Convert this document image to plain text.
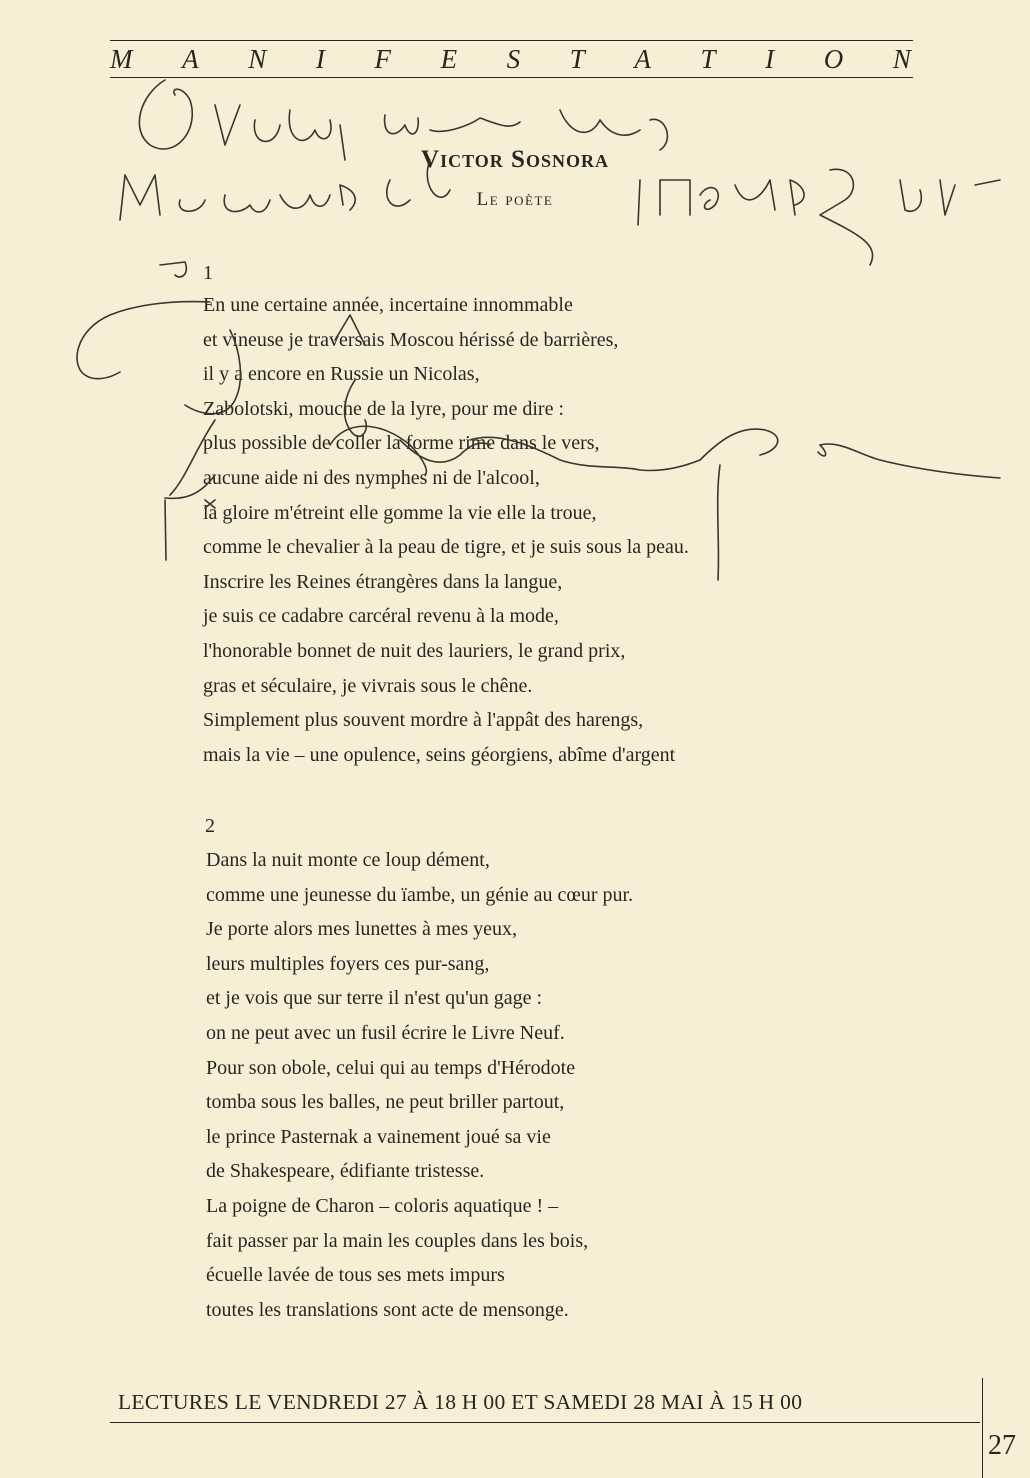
M A N I F E S T A T I O N
Victor Sosnora
Le poète
1
En une certaine année, incertaine innommable
et vineuse je traversais Moscou hérissé de barrières,
il y a encore en Russie un Nicolas,
Zabolotski, mouche de la lyre, pour me dire :
plus possible de coller la forme rime dans le vers,
aucune aide ni des nymphes ni de l'alcool,
la gloire m'étreint elle gomme la vie elle la troue,
comme le chevalier à la peau de tigre, et je suis sous la peau.
Inscrire les Reines étrangères dans la langue,
je suis ce cadabre carcéral revenu à la mode,
l'honorable bonnet de nuit des lauriers, le grand prix,
gras et séculaire, je vivrais sous le chêne.
Simplement plus souvent mordre à l'appât des harengs,
mais la vie – une opulence, seins géorgiens, abîme d'argent
2
Dans la nuit monte ce loup dément,
comme une jeunesse du ïambe, un génie au cœur pur.
Je porte alors mes lunettes à mes yeux,
leurs multiples foyers ces pur-sang,
et je vois que sur terre il n'est qu'un gage :
on ne peut avec un fusil écrire le Livre Neuf.
Pour son obole, celui qui au temps d'Hérodote
tomba sous les balles, ne peut briller partout,
le prince Pasternak a vainement joué sa vie
de Shakespeare, édifiante tristesse.
La poigne de Charon – coloris aquatique ! –
fait passer par la main les couples dans les bois,
écuelle lavée de tous ses mets impurs
toutes les translations sont acte de mensonge.
LECTURES LE VENDREDI 27 À 18 H 00 ET SAMEDI 28 MAI À 15 H 00
27
